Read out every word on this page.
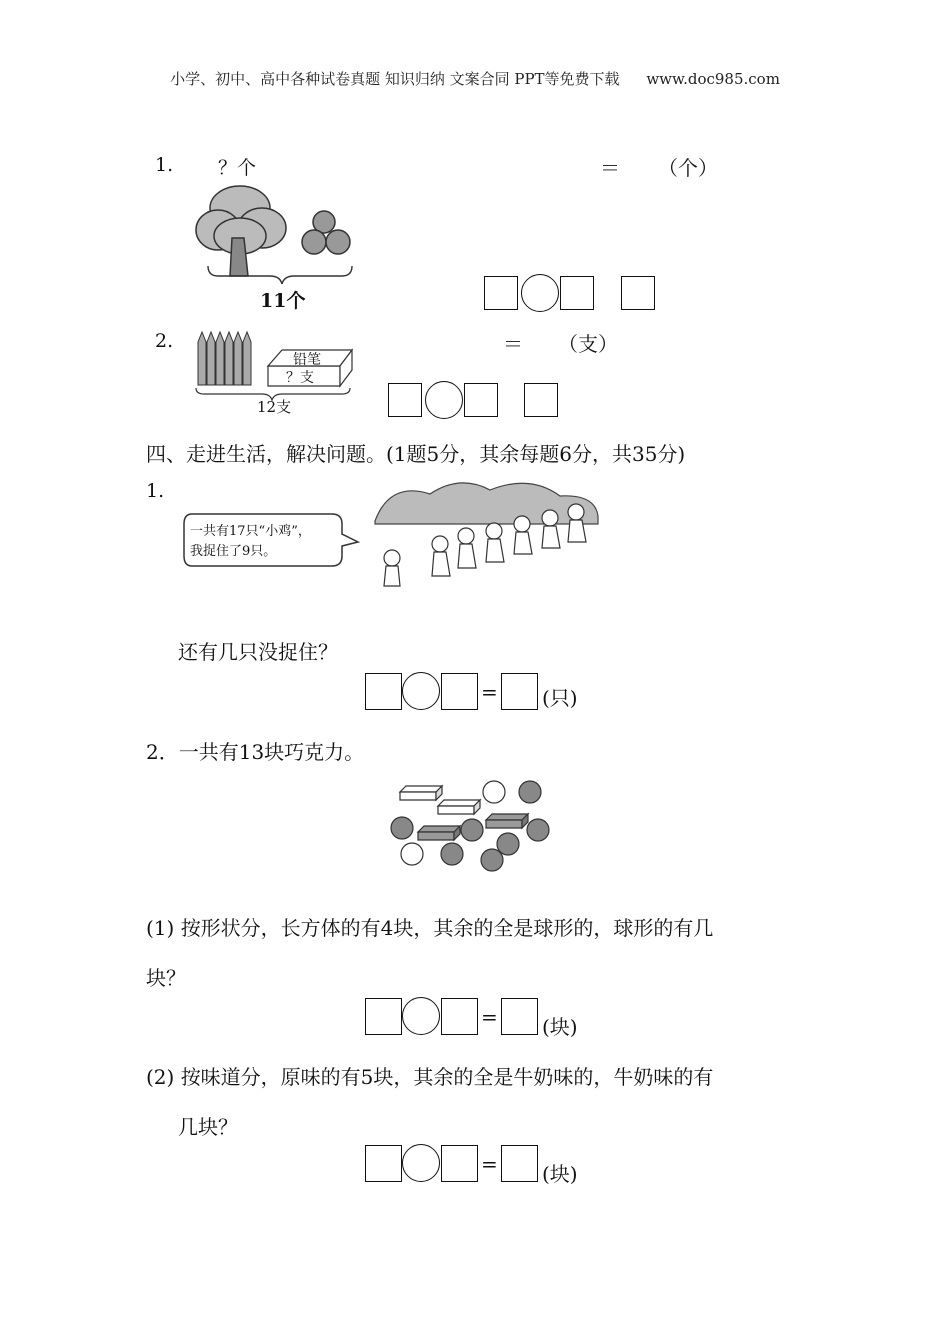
小学、初中、高中各种试卷真题 知识归纳 文案合同 PPT等免费下载 www.doc985.com
1. ？个	＝ （个）
11个
2.	＝ （支）
铅笔
？支
12支
四、走进生活，解决问题。(1题5分，其余每题6分，共35分)
1.
一共有17只“小鸡”，
我捉住了9只。
还有几只没捉住？
= (只)
2．一共有13块巧克力。
(1) 按形状分，长方体的有4块，其余的全是球形的，球形的有几
块？
= (块)
(2) 按味道分，原味的有5块，其余的全是牛奶味的，牛奶味的有
几块？
= (块)
